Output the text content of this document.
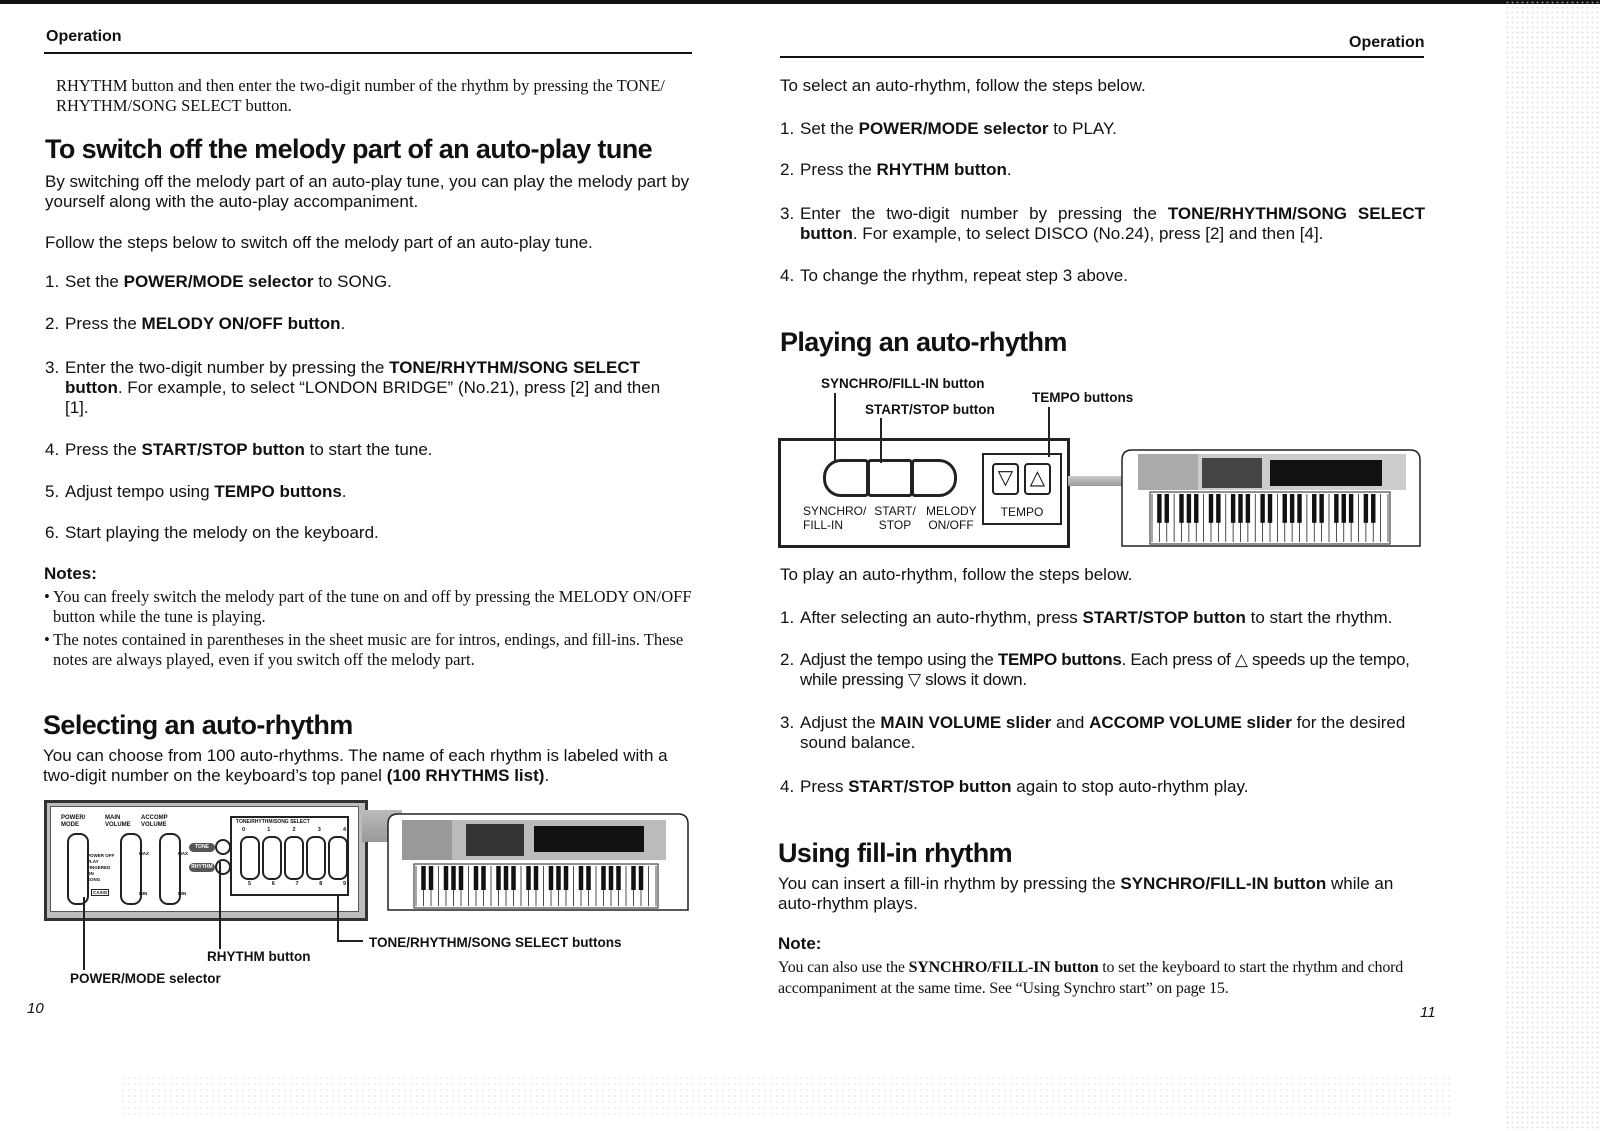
Operation
RHYTHM button and then enter the two-digit number of the rhythm by pressing the TONE/ RHYTHM/SONG SELECT button.
To switch off the melody part of an auto-play tune
By switching off the melody part of an auto-play tune, you can play the melody part by yourself along with the auto-play accompaniment.
Follow the steps below to switch off the melody part of an auto-play tune.
1. Set the POWER/MODE selector to SONG.
2. Press the MELODY ON/OFF button.
3. Enter the two-digit number by pressing the TONE/RHYTHM/SONG SELECT button. For example, to select “LONDON BRIDGE” (No.21), press [2] and then [1].
4. Press the START/STOP button to start the tune.
5. Adjust tempo using TEMPO buttons.
6. Start playing the melody on the keyboard.
Notes:
• You can freely switch the melody part of the tune on and off by pressing the MELODY ON/OFF button while the tune is playing.
• The notes contained in parentheses in the sheet music are for intros, endings, and fill-ins. These notes are always played, even if you switch off the melody part.
Selecting an auto-rhythm
You can choose from 100 auto-rhythms. The name of each rhythm is labeled with a two-digit number on the keyboard’s top panel (100 RHYTHMS list).
POWER/ MODE
MAIN VOLUME
ACCOMP VOLUME
POWER OFF
PLAY
FINGERED
ON
SONG
MAX
MIN
MAX
MIN
CASIO
TONE
RHYTHM
TONE/RHYTHM/SONG SELECT
0	1	2	3	4
5	6	7	8	9
TONE/RHYTHM/SONG SELECT buttons
RHYTHM button
POWER/MODE selector
10
Operation
To select an auto-rhythm, follow the steps below.
1. Set the POWER/MODE selector to PLAY.
2. Press the RHYTHM button.
3. Enter the two-digit number by pressing the TONE/RHYTHM/SONG SELECT button. For example, to select DISCO (No.24), press [2] and then [4].
4. To change the rhythm, repeat step 3 above.
Playing an auto-rhythm
SYNCHRO/FILL-IN button
TEMPO buttons
START/STOP button
▽ △
TEMPO
SYNCHRO/ FILL-IN
START/ STOP
MELODY ON/OFF
To play an auto-rhythm, follow the steps below.
1. After selecting an auto-rhythm, press START/STOP button to start the rhythm.
2. Adjust the tempo using the TEMPO buttons. Each press of △ speeds up the tempo, while pressing ▽ slows it down.
3. Adjust the MAIN VOLUME slider and ACCOMP VOLUME slider for the desired sound balance.
4. Press START/STOP button again to stop auto-rhythm play.
Using fill-in rhythm
You can insert a fill-in rhythm by pressing the SYNCHRO/FILL-IN button while an auto-rhythm plays.
Note:
You can also use the SYNCHRO/FILL-IN button to set the keyboard to start the rhythm and chord accompaniment at the same time. See “Using Synchro start” on page 15.
11
